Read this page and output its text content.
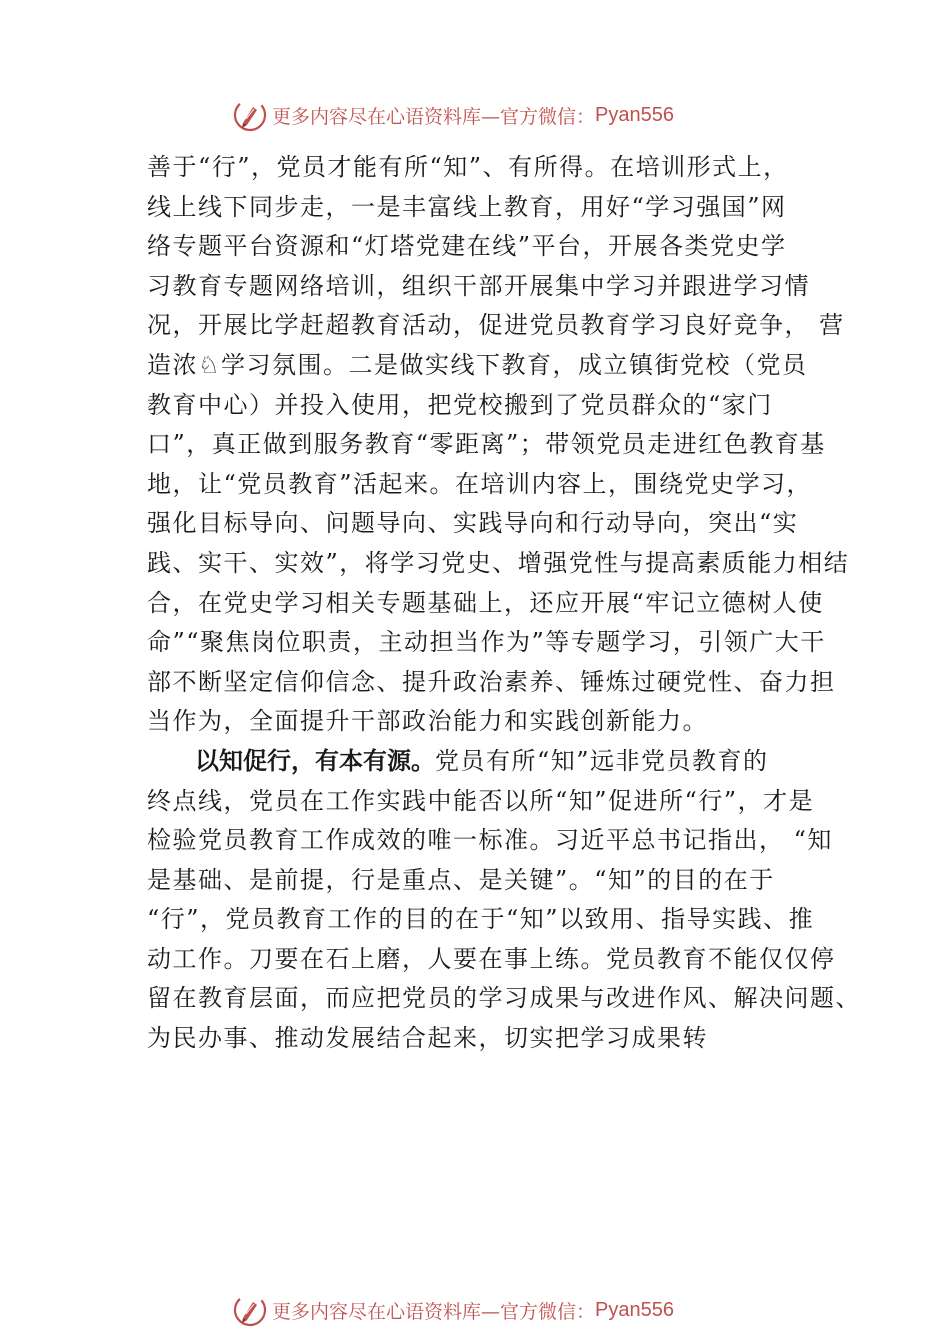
更多内容尽在心语资料库—官方微信： Pyan556
善于“行”，党员才能有所“知”、有所得。在培训形式上，
线上线下同步走，一是丰富线上教育，用好“学习强国”网
络专题平台资源和“灯塔党建在线”平台，开展各类党史学
习教育专题网络培训，组织干部开展集中学习并跟进学习情
况，开展比学赶超教育活动，促进党员教育学习良好竞争， 营
造浓♘学习氛围。二是做实线下教育，成立镇街党校（党员
教育中心）并投入使用，把党校搬到了党员群众的“家门
口”，真正做到服务教育“零距离”；带领党员走进红色教育基
地，让“党员教育”活起来。在培训内容上，围绕党史学习，
强化目标导向、问题导向、实践导向和行动导向，突出“实
践、实干、实效”，将学习党史、增强党性与提高素质能力相结
合，在党史学习相关专题基础上，还应开展“牢记立德树人使
命”“聚焦岗位职责，主动担当作为”等专题学习，引领广大干
部不断坚定信仰信念、提升政治素养、锤炼过硬党性、奋力担
当作为，全面提升干部政治能力和实践创新能力。
以知促行，有本有源。党员有所“知”远非党员教育的
终点线，党员在工作实践中能否以所“知”促进所“行”，才是
检验党员教育工作成效的唯一标准。习近平总书记指出， “知
是基础、是前提，行是重点、是关键”。“知”的目的在于
“行”，党员教育工作的目的在于“知”以致用、指导实践、推
动工作。刀要在石上磨，人要在事上练。党员教育不能仅仅停
留在教育层面，而应把党员的学习成果与改进作风、解决问题、
为民办事、推动发展结合起来，切实把学习成果转
更多内容尽在心语资料库—官方微信： Pyan556
